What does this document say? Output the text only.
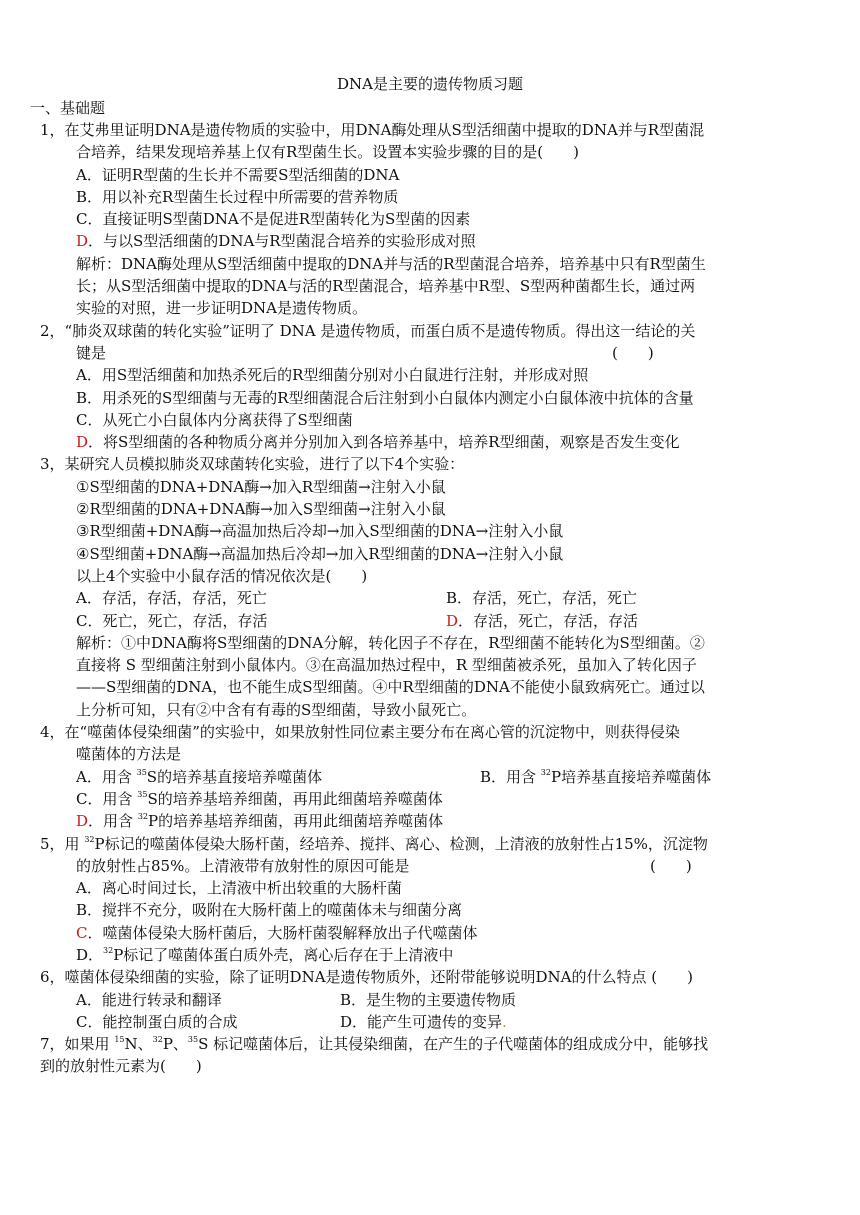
DNA是主要的遗传物质习题
一、基础题
1，在艾弗里证明DNA是遗传物质的实验中，用DNA酶处理从S型活细菌中提取的DNA并与R型菌混
合培养，结果发现培养基上仅有R型菌生长。设置本实验步骤的目的是(　　)
A．证明R型菌的生长并不需要S型活细菌的DNA
B．用以补充R型菌生长过程中所需要的营养物质
C．直接证明S型菌DNA不是促进R型菌转化为S型菌的因素
D．与以S型活细菌的DNA与R型菌混合培养的实验形成对照
解析：DNA酶处理从S型活细菌中提取的DNA并与活的R型菌混合培养，培养基中只有R型菌生
长；从S型活细菌中提取的DNA与活的R型菌混合，培养基中R型、S型两种菌都生长，通过两
实验的对照，进一步证明DNA是遗传物质。
2，“肺炎双球菌的转化实验”证明了 DNA 是遗传物质，而蛋白质不是遗传物质。得出这一结论的关
键是	(　　)
A．用S型活细菌和加热杀死后的R型细菌分别对小白鼠进行注射，并形成对照
B．用杀死的S型细菌与无毒的R型细菌混合后注射到小白鼠体内测定小白鼠体液中抗体的含量
C．从死亡小白鼠体内分离获得了S型细菌
D．将S型细菌的各种物质分离并分别加入到各培养基中，培养R型细菌，观察是否发生变化
3，某研究人员模拟肺炎双球菌转化实验，进行了以下4个实验：
①S型细菌的DNA+DNA酶→加入R型细菌→注射入小鼠
②R型细菌的DNA+DNA酶→加入S型细菌→注射入小鼠
③R型细菌+DNA酶→高温加热后冷却→加入S型细菌的DNA→注射入小鼠
④S型细菌+DNA酶→高温加热后冷却→加入R型细菌的DNA→注射入小鼠
以上4个实验中小鼠存活的情况依次是(　　)
A．存活，存活，存活，死亡	B．存活，死亡，存活，死亡
C．死亡，死亡，存活，存活	D．存活，死亡，存活，存活
解析：①中DNA酶将S型细菌的DNA分解，转化因子不存在，R型细菌不能转化为S型细菌。②
直接将 S 型细菌注射到小鼠体内。③在高温加热过程中，R 型细菌被杀死，虽加入了转化因子
——S型细菌的DNA，也不能生成S型细菌。④中R型细菌的DNA不能使小鼠致病死亡。通过以
上分析可知，只有②中含有有毒的S型细菌，导致小鼠死亡。
4，在“噬菌体侵染细菌”的实验中，如果放射性同位素主要分布在离心管的沉淀物中，则获得侵染
噬菌体的方法是
A．用含 $^{35}$S的培养基直接培养噬菌体	B．用含 $^{32}$P培养基直接培养噬菌体
C．用含 $^{35}$S的培养基培养细菌，再用此细菌培养噬菌体
D．用含 $^{32}$P的培养基培养细菌，再用此细菌培养噬菌体
5，用 $^{32}$P标记的噬菌体侵染大肠杆菌，经培养、搅拌、离心、检测，上清液的放射性占15%，沉淀物
的放射性占85%。上清液带有放射性的原因可能是	(　　)
A．离心时间过长，上清液中析出较重的大肠杆菌
B．搅拌不充分，吸附在大肠杆菌上的噬菌体未与细菌分离
C．噬菌体侵染大肠杆菌后，大肠杆菌裂解释放出子代噬菌体
D．$^{32}$P标记了噬菌体蛋白质外壳，离心后存在于上清液中
6，噬菌体侵染细菌的实验，除了证明DNA是遗传物质外，还附带能够说明DNA的什么特点 (　　)
A．能进行转录和翻译	B．是生物的主要遗传物质
C．能控制蛋白质的合成	D．能产生可遗传的变异.
7，如果用 $^{15}$N、$^{32}$P、$^{35}$S 标记噬菌体后，让其侵染细菌，在产生的子代噬菌体的组成成分中，能够找
到的放射性元素为(　　)
